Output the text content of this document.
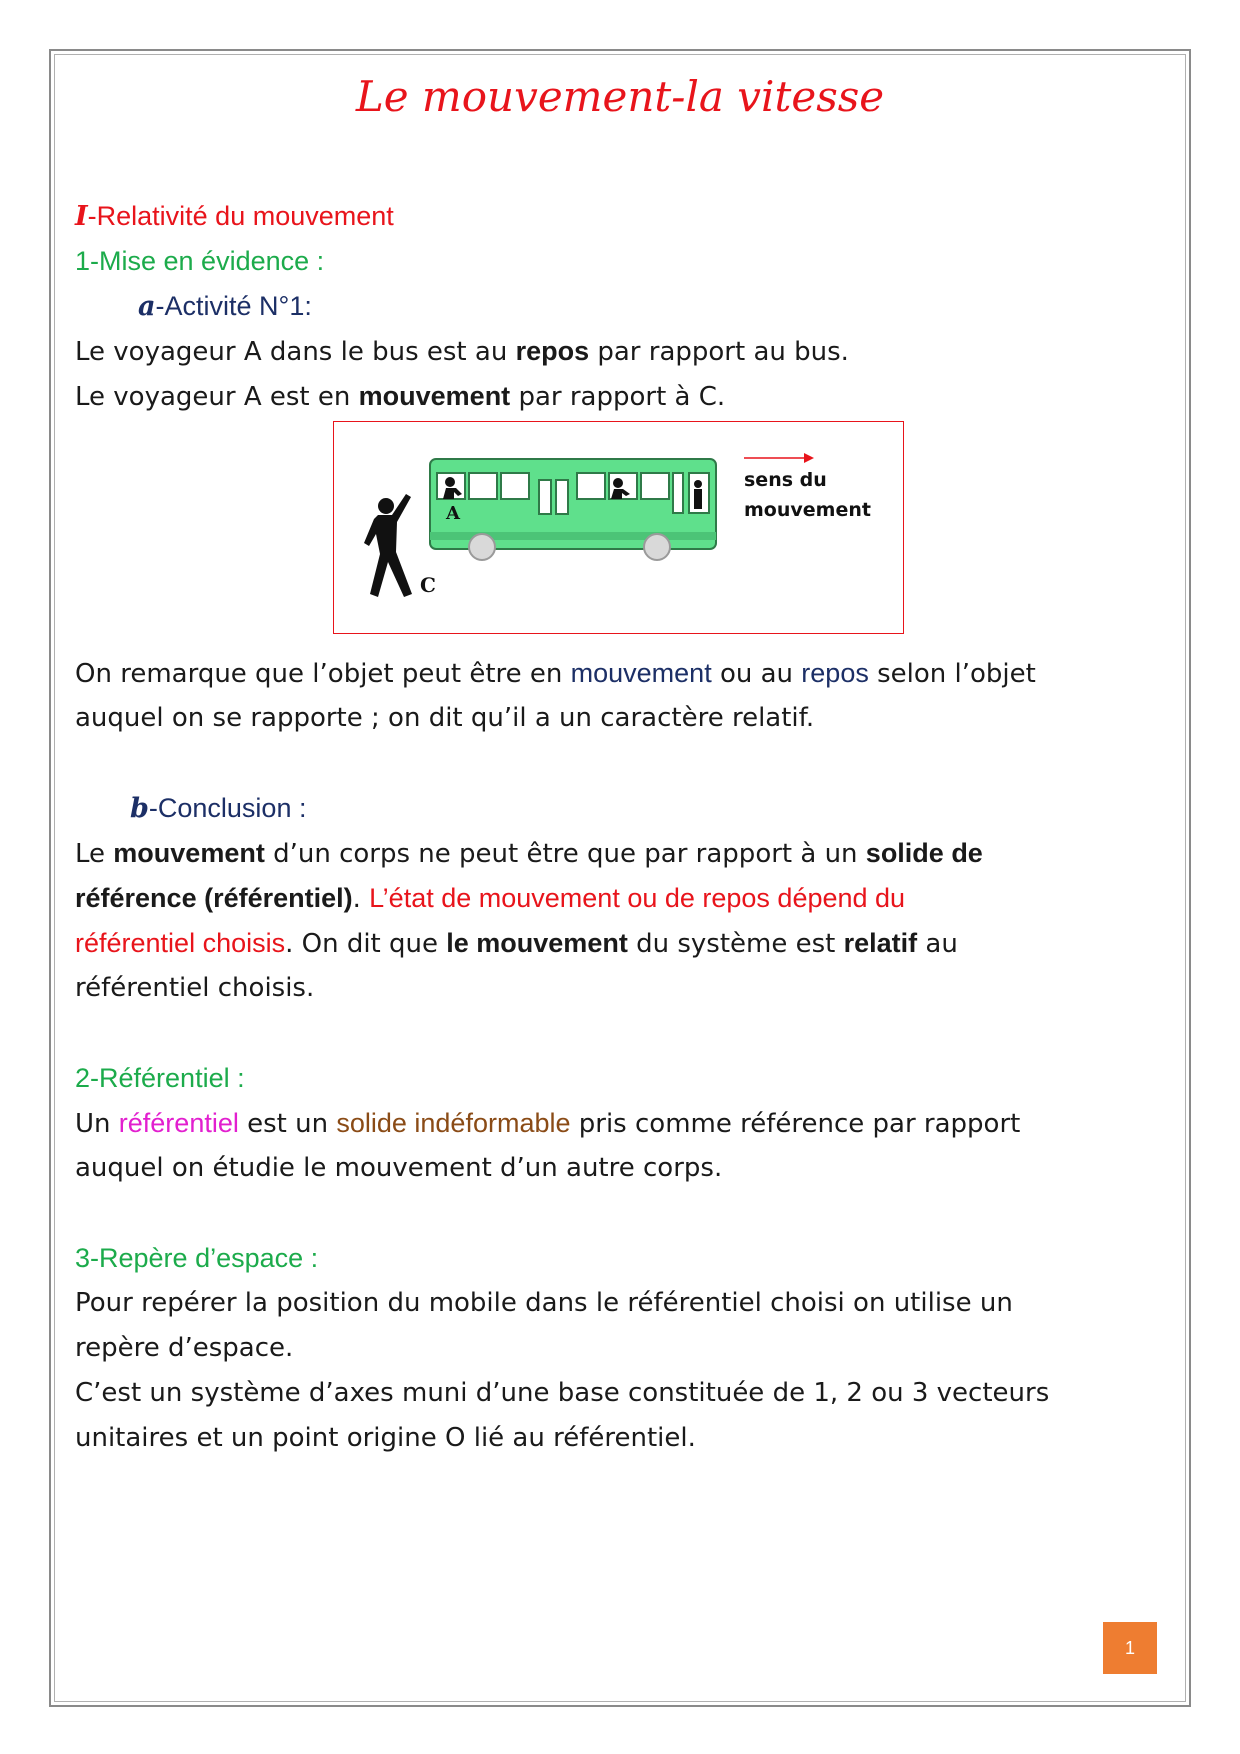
Le mouvement-la vitesse

I-Relativité du mouvement

1-Mise en évidence :

a-Activité N°1:

Le voyageur A dans le bus est au repos par rapport au bus.

Le voyageur A est en mouvement par rapport à C.

A
C
sens du
mouvement

On remarque que l’objet peut être en mouvement ou au repos selon l’objet

auquel on se rapporte ; on dit qu’il a un caractère relatif.

b-Conclusion :

Le mouvement d’un corps ne peut être que par rapport à un solide de

référence (référentiel). L’état de mouvement ou de repos dépend du

référentiel choisis. On dit que le mouvement du système est relatif au

référentiel choisis.

2-Référentiel :

Un référentiel est un solide indéformable pris comme référence par rapport

auquel on étudie le mouvement d’un autre corps.

3-Repère d’espace :

Pour repérer la position du mobile dans le référentiel choisi on utilise un

repère d’espace.

C’est un système d’axes muni d’une base constituée de 1, 2 ou 3 vecteurs

unitaires et un point origine O lié au référentiel.

1
